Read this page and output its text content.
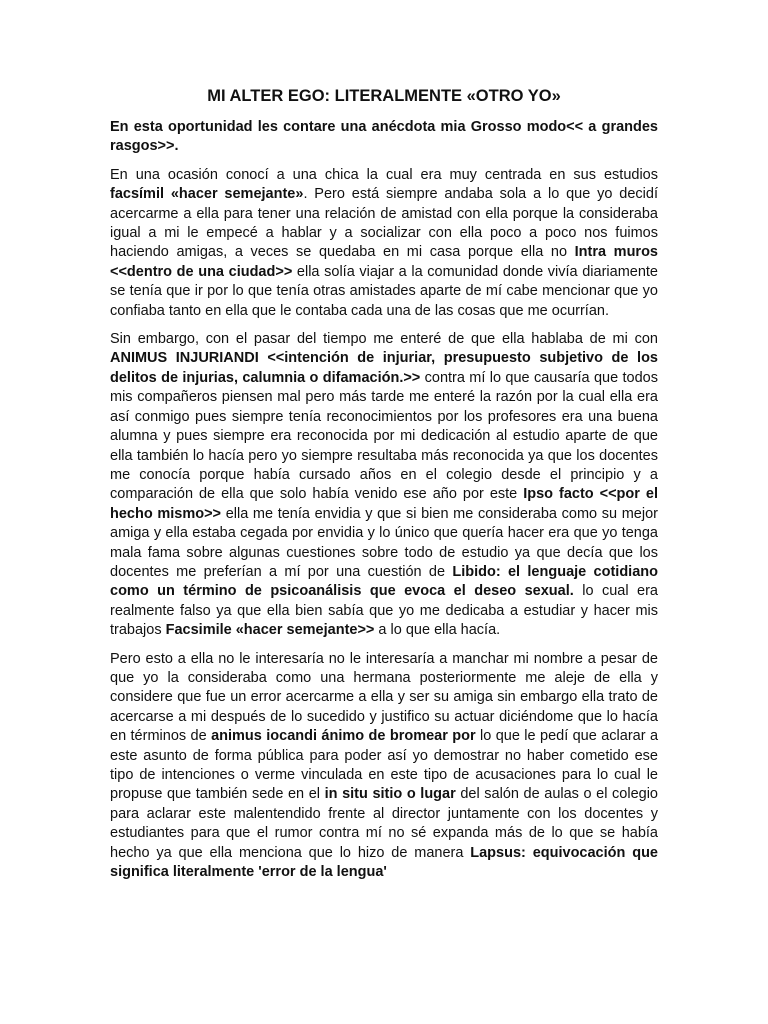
MI ALTER EGO: LITERALMENTE «OTRO YO»

En esta oportunidad les contare una anécdota mia Grosso modo<< a grandes rasgos>>.

En una ocasión conocí a una chica la cual era muy centrada en sus estudios facsímil «hacer semejante». Pero está siempre andaba sola a lo que yo decidí acercarme a ella para tener una relación de amistad con ella porque la consideraba igual a mi le empecé a hablar y a socializar con ella poco a poco nos fuimos haciendo amigas, a veces se quedaba en mi casa porque ella no Intra muros <<dentro de una ciudad>> ella solía viajar a la comunidad donde vivía diariamente se tenía que ir por lo que tenía otras amistades aparte de mí cabe mencionar que yo confiaba tanto en ella que le contaba cada una de las cosas que me ocurrían.

Sin embargo, con el pasar del tiempo me enteré de que ella hablaba de mi con ANIMUS INJURIANDI <<intención de injuriar, presupuesto subjetivo de los delitos de injurias, calumnia o difamación.>> contra mí lo que causaría que todos mis compañeros piensen mal pero más tarde me enteré la razón por la cual ella era así conmigo pues siempre tenía reconocimientos por los profesores era una buena alumna y pues siempre era reconocida por mi dedicación al estudio aparte de que ella también lo hacía pero yo siempre resultaba más reconocida ya que los docentes me conocía porque había cursado años en el colegio desde el principio y a comparación de ella que solo había venido ese año por este Ipso facto <<por el hecho mismo>> ella me tenía envidia y que si bien me consideraba como su mejor amiga y ella estaba cegada por envidia y lo único que quería hacer era que yo tenga mala fama sobre algunas cuestiones sobre todo de estudio ya que decía que los docentes me preferían a mí por una cuestión de Libido: el lenguaje cotidiano como un término de psicoanálisis que evoca el deseo sexual. lo cual era realmente falso ya que ella bien sabía que yo me dedicaba a estudiar y hacer mis trabajos Facsimile «hacer semejante>> a lo que ella hacía.

Pero esto a ella no le interesaría no le interesaría a manchar mi nombre a pesar de que yo la consideraba como una hermana posteriormente me aleje de ella y considere que fue un error acercarme a ella y ser su amiga sin embargo ella trato de acercarse a mi después de lo sucedido y justifico su actuar diciéndome que lo hacía en términos de animus iocandi ánimo de bromear por lo que le pedí que aclarar a este asunto de forma pública para poder así yo demostrar no haber cometido ese tipo de intenciones o verme vinculada en este tipo de acusaciones para lo cual le propuse que también sede en el in situ sitio o lugar del salón de aulas o el colegio para aclarar este malentendido frente al director juntamente con los docentes y estudiantes para que el rumor contra mí no sé expanda más de lo que se había hecho ya que ella menciona que lo hizo de manera Lapsus: equivocación que significa literalmente 'error de la lengua'
